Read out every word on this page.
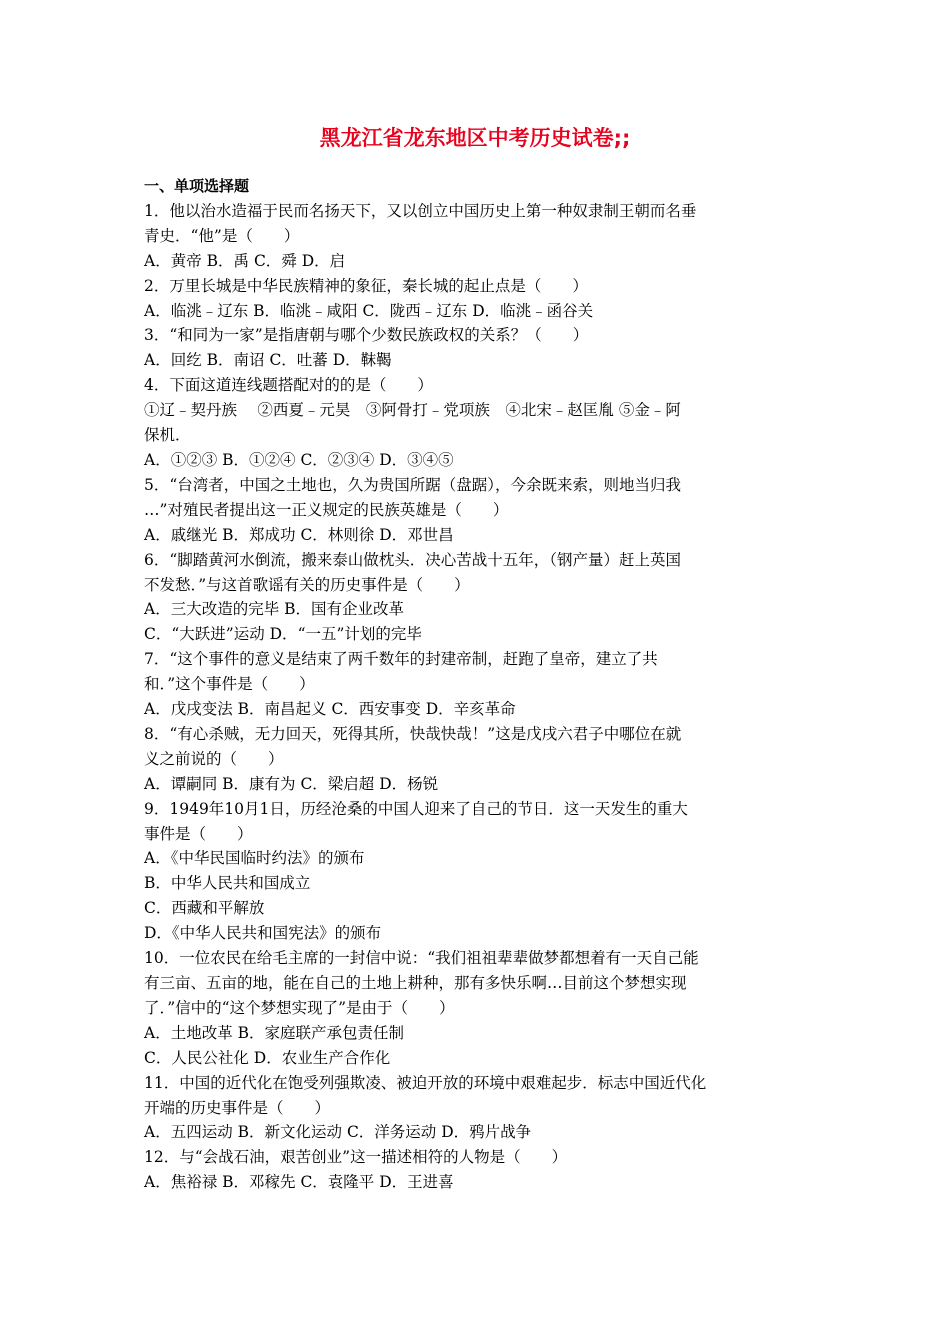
黑龙江省龙东地区中考历史试卷;;
一、单项选择题
1．他以治水造福于民而名扬天下，又以创立中国历史上第一种奴隶制王朝而名垂
青史．“他”是（　　）
A．黄帝 B．禹 C．舜 D．启
2．万里长城是中华民族精神的象征，秦长城的起止点是（　　）
A．临洮﹣辽东 B．临洮﹣咸阳 C．陇西﹣辽东 D．临洮﹣函谷关
3．“和同为一家”是指唐朝与哪个少数民族政权的关系？（　　）
A．回纥 B．南诏 C．吐蕃 D．靺鞨
4．下面这道连线题搭配对的的是（　　）
①辽﹣契丹族　 ②西夏﹣元昊　③阿骨打﹣党项族　④北宋﹣赵匡胤 ⑤金﹣阿
保机．
A．①②③ B．①②④ C．②③④ D．③④⑤
5．“台湾者，中国之土地也，久为贵国所踞（盘踞），今余既来索，则地当归我
…”对殖民者提出这一正义规定的民族英雄是（　　）
A．戚继光 B．郑成功 C．林则徐 D．邓世昌
6．“脚踏黄河水倒流，搬来泰山做枕头．决心苦战十五年，（钢产量）赶上英国
不发愁．”与这首歌谣有关的历史事件是（　　）
A．三大改造的完毕 B．国有企业改革
C．“大跃进”运动 D．“一五”计划的完毕
7．“这个事件的意义是结束了两千数年的封建帝制，赶跑了皇帝，建立了共
和．”这个事件是（　　）
A．戊戌变法 B．南昌起义 C．西安事变 D．辛亥革命
8．“有心杀贼，无力回天，死得其所，快哉快哉！”这是戊戌六君子中哪位在就
义之前说的（　　）
A．谭嗣同 B．康有为 C．梁启超 D．杨锐
9．1949年10月1日，历经沧桑的中国人迎来了自己的节日．这一天发生的重大
事件是（　　）
A．《中华民国临时约法》的颁布
B．中华人民共和国成立
C．西藏和平解放
D．《中华人民共和国宪法》的颁布
10．一位农民在给毛主席的一封信中说：“我们祖祖辈辈做梦都想着有一天自己能
有三亩、五亩的地，能在自己的土地上耕种，那有多快乐啊…目前这个梦想实现
了．”信中的“这个梦想实现了”是由于（　　）
A．土地改革 B．家庭联产承包责任制
C．人民公社化 D．农业生产合作化
11．中国的近代化在饱受列强欺凌、被迫开放的环境中艰难起步．标志中国近代化
开端的历史事件是（　　）
A．五四运动 B．新文化运动 C．洋务运动 D．鸦片战争
12．与“会战石油，艰苦创业”这一描述相符的人物是（　　）
A．焦裕禄 B．邓稼先 C．袁隆平 D．王进喜
